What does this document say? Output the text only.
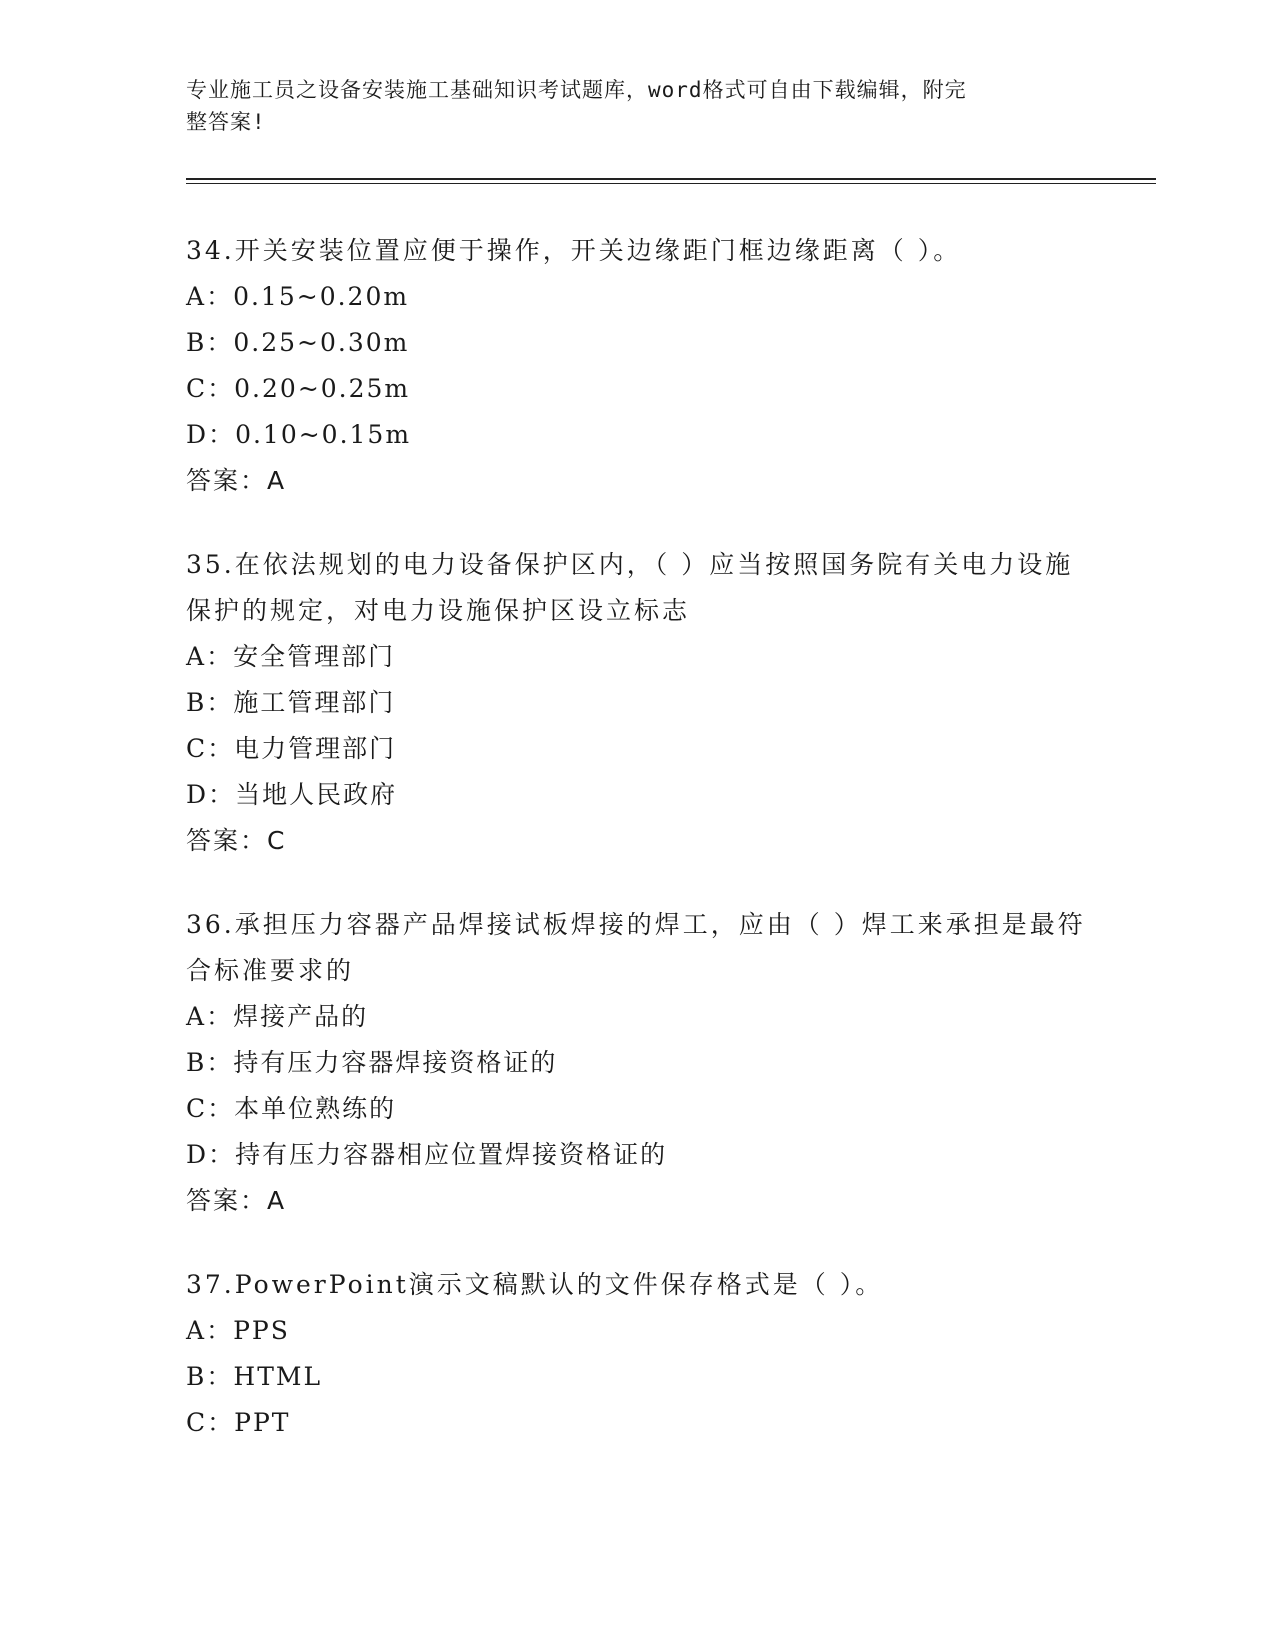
专业施工员之设备安装施工基础知识考试题库，word格式可自由下载编辑，附完
整答案!

34.开关安装位置应便于操作，开关边缘距门框边缘距离（ ）。

A：0.15~0.20m

B：0.25~0.30m

C：0.20~0.25m

D：0.10~0.15m

答案：A

35.在依法规划的电力设备保护区内，（ ）应当按照国务院有关电力设施保护的规定，对电力设施保护区设立标志

A：安全管理部门

B：施工管理部门

C：电力管理部门

D：当地人民政府

答案：C

36.承担压力容器产品焊接试板焊接的焊工，应由（ ）焊工来承担是最符合标准要求的

A：焊接产品的

B：持有压力容器焊接资格证的

C：本单位熟练的

D：持有压力容器相应位置焊接资格证的

答案：A

37.PowerPoint演示文稿默认的文件保存格式是（ ）。

A：PPS

B：HTML

C：PPT
